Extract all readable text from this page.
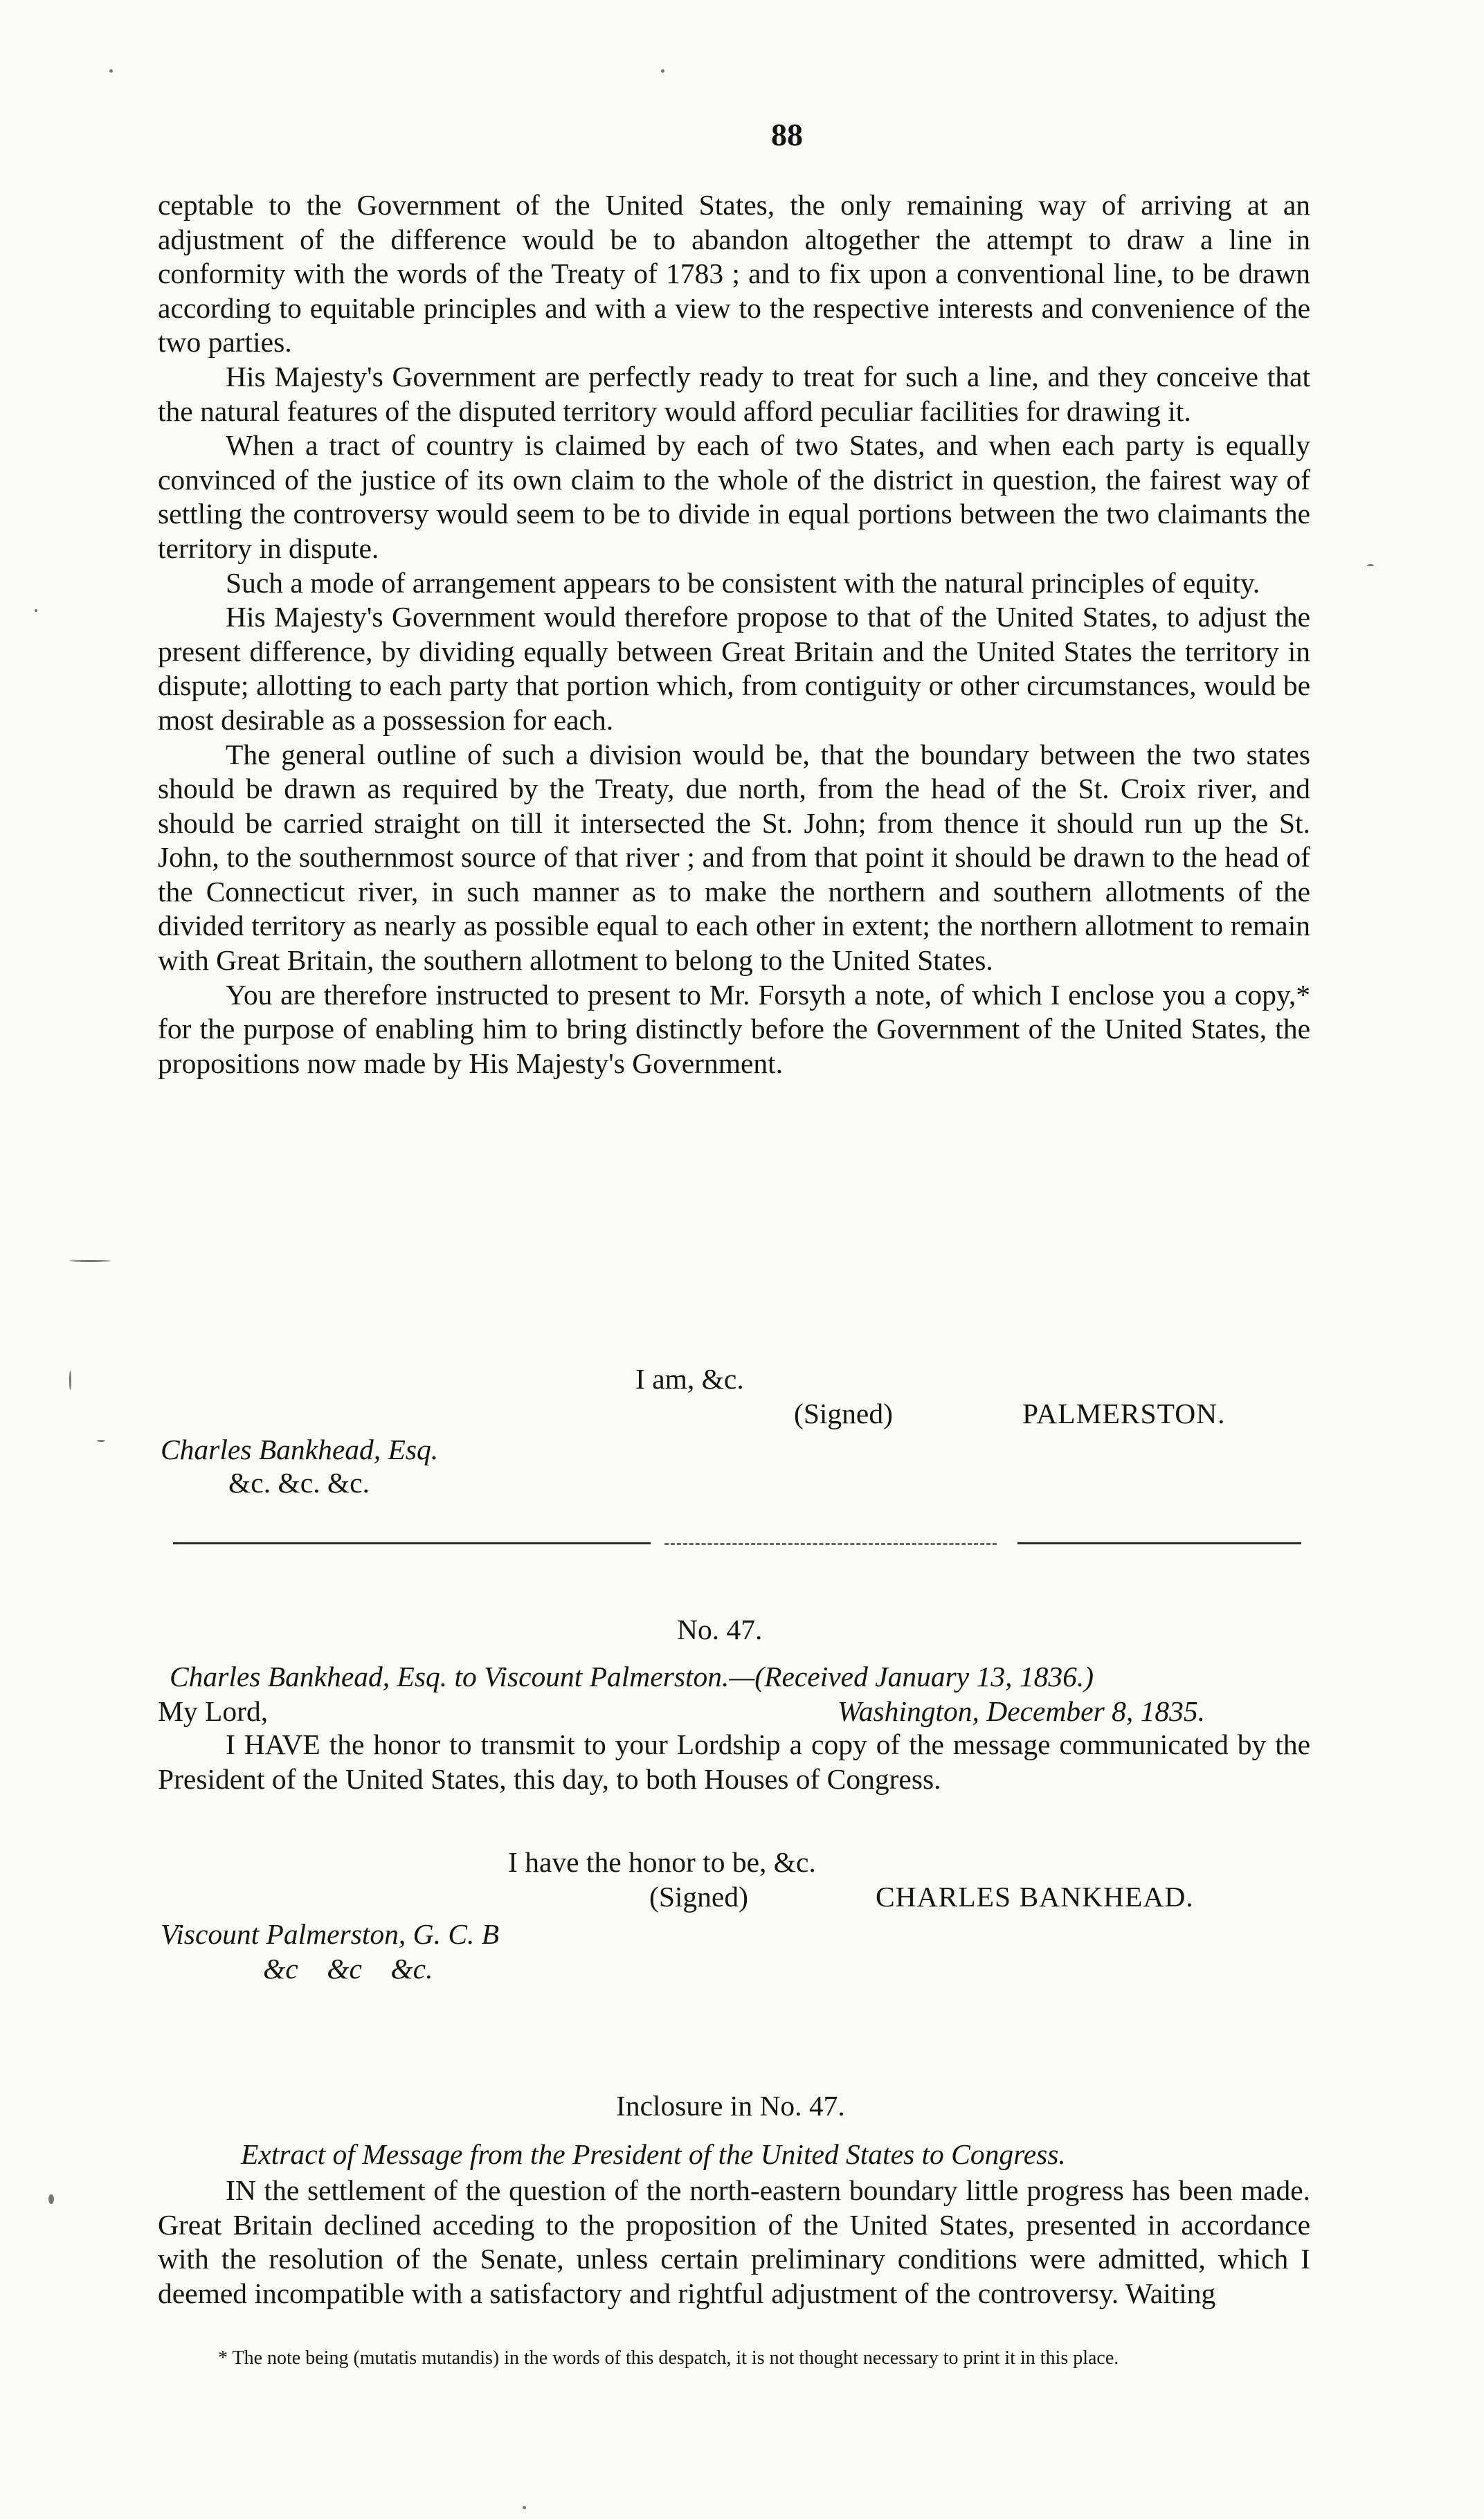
88

ceptable to the Government of the United States, the only remaining way of arriving at an adjustment of the difference would be to abandon altogether the attempt to draw a line in conformity with the words of the Treaty of 1783 ; and to fix upon a conventional line, to be drawn according to equitable principles and with a view to the respective interests and convenience of the two parties.

His Majesty's Government are perfectly ready to treat for such a line, and they conceive that the natural features of the disputed territory would afford peculiar facilities for drawing it.

When a tract of country is claimed by each of two States, and when each party is equally convinced of the justice of its own claim to the whole of the district in question, the fairest way of settling the controversy would seem to be to divide in equal portions between the two claimants the territory in dispute.

Such a mode of arrangement appears to be consistent with the natural principles of equity.

His Majesty's Government would therefore propose to that of the United States, to adjust the present difference, by dividing equally between Great Britain and the United States the territory in dispute; allotting to each party that portion which, from contiguity or other circumstances, would be most desirable as a possession for each.

The general outline of such a division would be, that the boundary between the two states should be drawn as required by the Treaty, due north, from the head of the St. Croix river, and should be carried straight on till it intersected the St. John; from thence it should run up the St. John, to the southernmost source of that river ; and from that point it should be drawn to the head of the Connecticut river, in such manner as to make the northern and southern allotments of the divided territory as nearly as possible equal to each other in extent; the northern allotment to remain with Great Britain, the southern allotment to belong to the United States.

You are therefore instructed to present to Mr. Forsyth a note, of which I enclose you a copy,* for the purpose of enabling him to bring distinctly before the Government of the United States, the propositions now made by His Majesty's Government.

I am, &c.
(Signed)	PALMERSTON.
Charles Bankhead, Esq.
&c. &c. &c.
No. 47.
Charles Bankhead, Esq. to Viscount Palmerston.—(Received January 13, 1836.)
My Lord,	Washington, December 8, 1835.

I HAVE the honor to transmit to your Lordship a copy of the message communicated by the President of the United States, this day, to both Houses of Congress.

I have the honor to be, &c.
(Signed)	CHARLES BANKHEAD.
Viscount Palmerston, G. C. B
&c    &c    &c.
Inclosure in No. 47.
Extract of Message from the President of the United States to Congress.

IN the settlement of the question of the north-eastern boundary little progress has been made. Great Britain declined acceding to the proposition of the United States, presented in accordance with the resolution of the Senate, unless certain preliminary conditions were admitted, which I deemed incompatible with a satisfactory and rightful adjustment of the controversy. Waiting

* The note being (mutatis mutandis) in the words of this despatch, it is not thought necessary to print it in this place.
